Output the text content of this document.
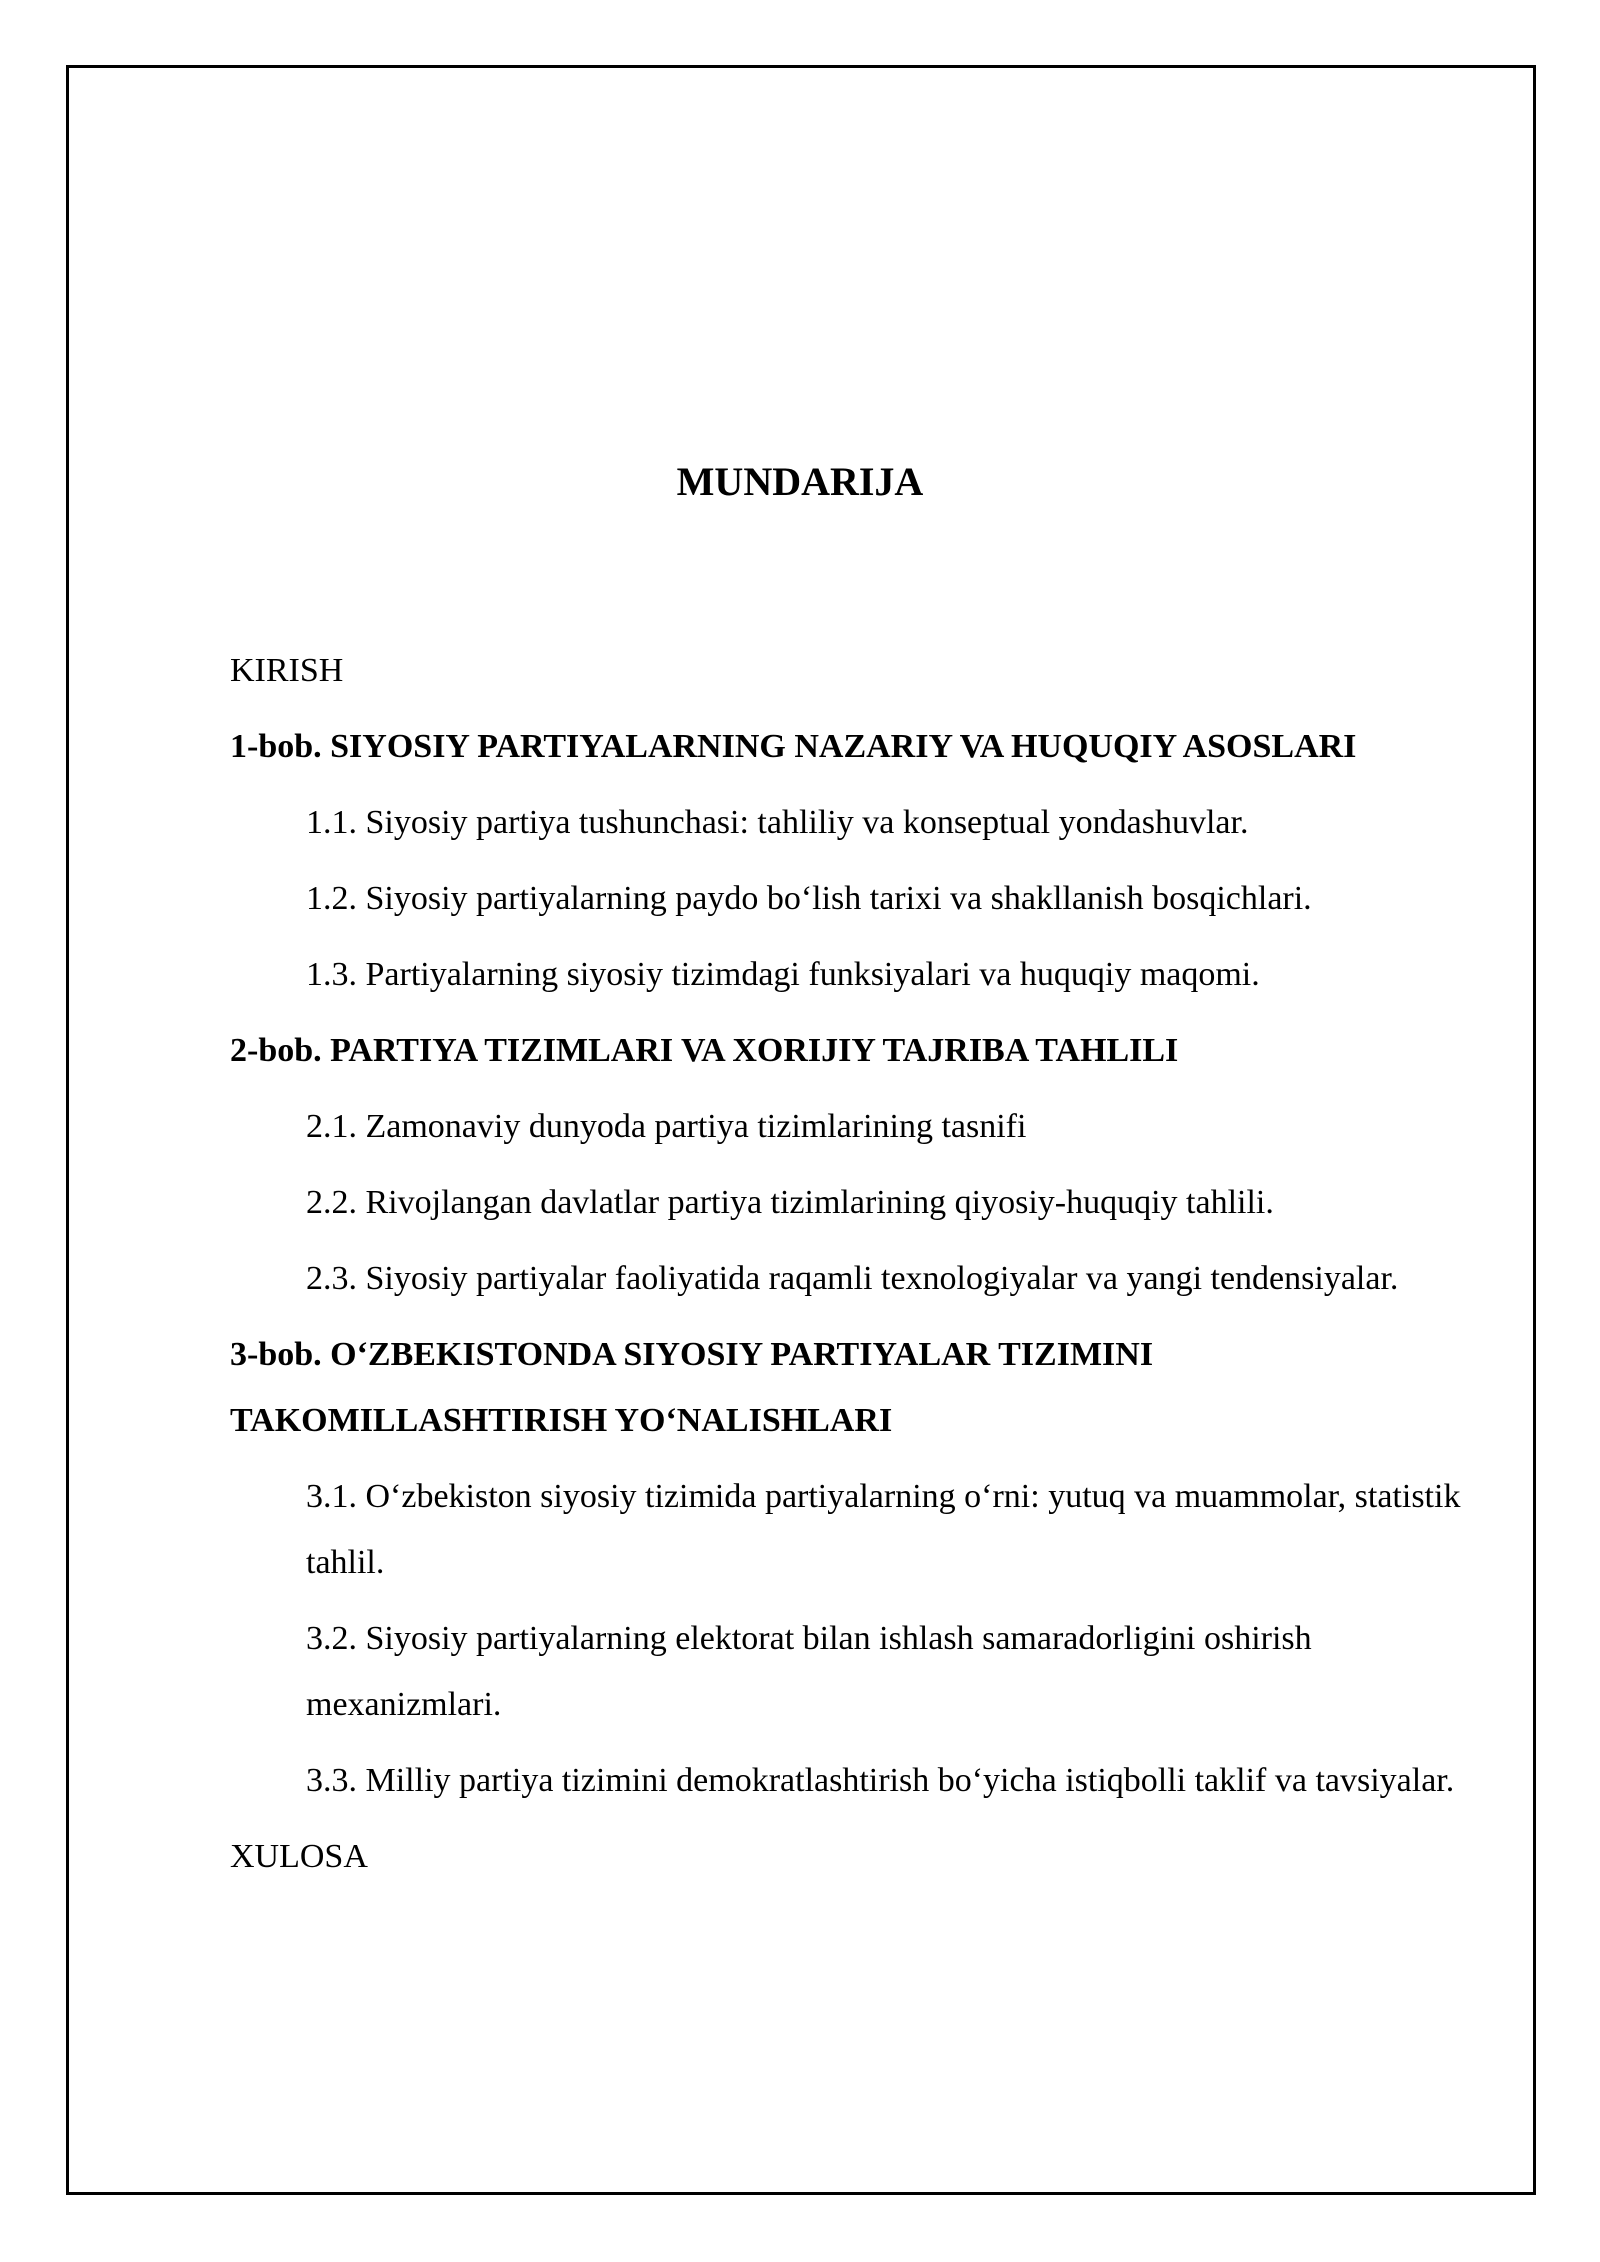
MUNDARIJA

KIRISH

1-bob. SIYOSIY PARTIYALARNING NAZARIY VA HUQUQIY ASOSLARI

1.1. Siyosiy partiya tushunchasi: tahliliy va konseptual yondashuvlar.

1.2. Siyosiy partiyalarning paydo bo‘lish tarixi va shakllanish bosqichlari.

1.3. Partiyalarning siyosiy tizimdagi funksiyalari va huquqiy maqomi.

2-bob. PARTIYA TIZIMLARI VA XORIJIY TAJRIBA TAHLILI

2.1. Zamonaviy dunyoda partiya tizimlarining tasnifi

2.2. Rivojlangan davlatlar partiya tizimlarining qiyosiy-huquqiy tahlili.

2.3. Siyosiy partiyalar faoliyatida raqamli texnologiyalar va yangi tendensiyalar.

3-bob. O‘ZBEKISTONDA SIYOSIY PARTIYALAR TIZIMINI TAKOMILLASHTIRISH YO‘NALISHLARI

3.1. O‘zbekiston siyosiy tizimida partiyalarning o‘rni: yutuq va muammolar, statistik tahlil.

3.2. Siyosiy partiyalarning elektorat bilan ishlash samaradorligini oshirish mexanizmlari.

3.3. Milliy partiya tizimini demokratlashtirish bo‘yicha istiqbolli taklif va tavsiyalar.

XULOSA
